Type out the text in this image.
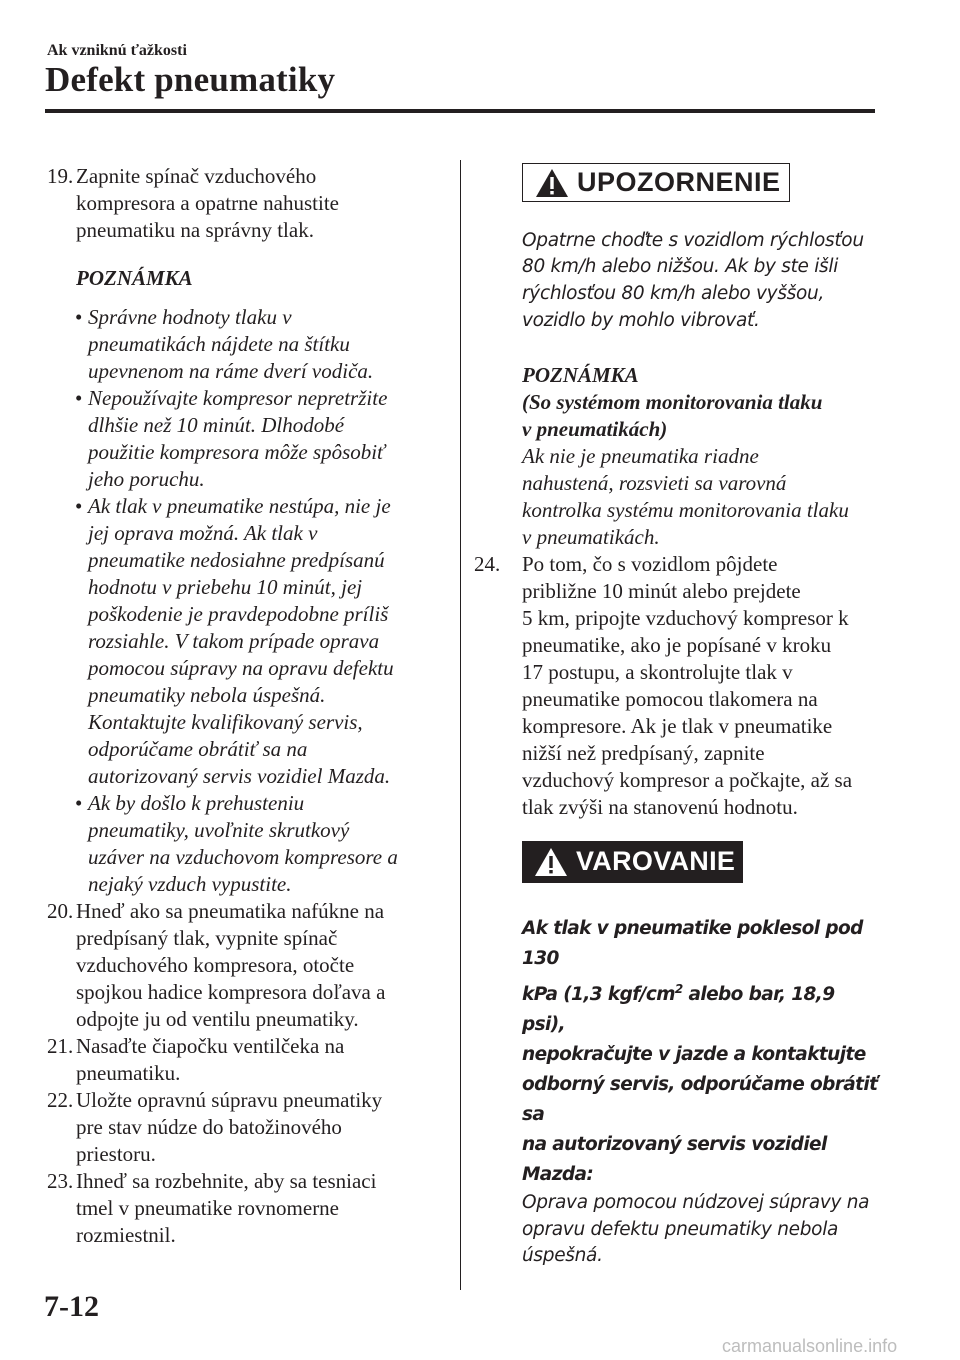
Ak vzniknú ťažkosti
Defekt pneumatiky
19. Zapnite spínač vzduchového
kompresora a opatrne nahustite
pneumatiku na správny tlak.
POZNÁMKA
• Správne hodnoty tlaku v
pneumatikách nájdete na štítku
upevnenom na ráme dverí vodiča.
• Nepoužívajte kompresor nepretržite
dlhšie než 10 minút. Dlhodobé
použitie kompresora môže spôsobiť
jeho poruchu.
• Ak tlak v pneumatike nestúpa, nie je
jej oprava možná. Ak tlak v
pneumatike nedosiahne predpísanú
hodnotu v priebehu 10 minút, jej
poškodenie je pravdepodobne príliš
rozsiahle. V takom prípade oprava
pomocou súpravy na opravu defektu
pneumatiky nebola úspešná.
Kontaktujte kvalifikovaný servis,
odporúčame obrátiť sa na
autorizovaný servis vozidiel Mazda.
• Ak by došlo k prehusteniu
pneumatiky, uvoľnite skrutkový
uzáver na vzduchovom kompresore a
nejaký vzduch vypustite.
20. Hneď ako sa pneumatika nafúkne na
predpísaný tlak, vypnite spínač
vzduchového kompresora, otočte
spojkou hadice kompresora doľava a
odpojte ju od ventilu pneumatiky.
21. Nasaďte čiapočku ventilčeka na
pneumatiku.
22. Uložte opravnú súpravu pneumatiky
pre stav núdze do batožinového
priestoru.
23. Ihneď sa rozbehnite, aby sa tesniaci
tmel v pneumatike rovnomerne
rozmiestnil.
UPOZORNENIE
Opatrne choďte s vozidlom rýchlosťou
80 km/h alebo nižšou. Ak by ste išli
rýchlosťou 80 km/h alebo vyššou,
vozidlo by mohlo vibrovať.
POZNÁMKA
(So systémom monitorovania tlaku
v pneumatikách)
Ak nie je pneumatika riadne
nahustená, rozsvieti sa varovná
kontrolka systému monitorovania tlaku
v pneumatikách.
24. Po tom, čo s vozidlom pôjdete
približne 10 minút alebo prejdete
5 km, pripojte vzduchový kompresor k
pneumatike, ako je popísané v kroku
17 postupu, a skontrolujte tlak v
pneumatike pomocou tlakomera na
kompresore. Ak je tlak v pneumatike
nižší než predpísaný, zapnite
vzduchový kompresor a počkajte, až sa
tlak zvýši na stanovenú hodnotu.
VAROVANIE
Ak tlak v pneumatike poklesol pod 130
kPa (1,3 kgf/$cm^2$ alebo bar, 18,9 psi),
nepokračujte v jazde a kontaktujte
odborný servis, odporúčame obrátiť sa
na autorizovaný servis vozidiel Mazda:
Oprava pomocou núdzovej súpravy na
opravu defektu pneumatiky nebola
úspešná.
7-12
carmanualsonline.info
